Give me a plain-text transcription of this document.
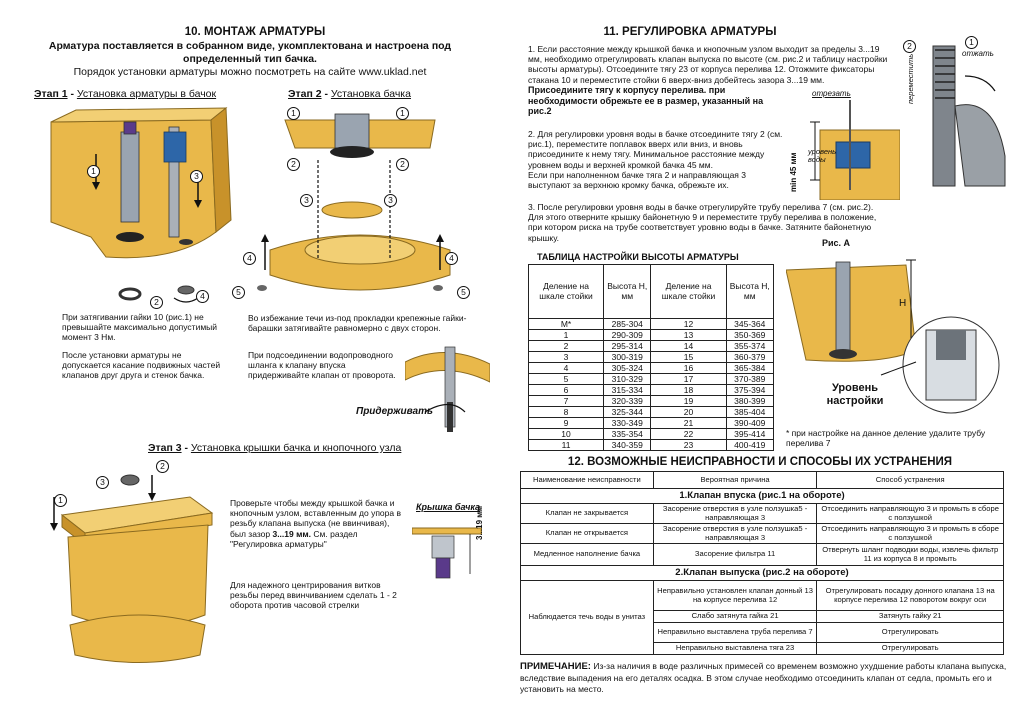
10. МОНТАЖ АРМАТУРЫ
Арматура поставляется в собранном виде, укомплектована и настроена под
определенный тип бачка.
Порядок установки арматуры можно посмотреть на сайте www.uklad.net
Этап 1 - Установка арматуры в бачок	Этап 2 - Установка бачка
1	3
2
4
При затягивании гайки 10 (рис.1) не превышайте максимально допустимый момент 3 Нм.
После установки арматуры не допускается касание подвижных частей клапанов друг друга и стенок бачка.
1	1
2	2
3	3
4	4
5	5
Во избежание течи из-под прокладки крепежные гайки-барашки затягивайте равномерно с двух сторон.
При подсоединении водопроводного шланга к клапану впуска придерживайте клапан от проворота.
Придерживать
Этап 3 - Установка крышки бачка и кнопочного узла
2
3
1	Проверьте чтобы между крышкой бачка и кнопочным узлом, вставленным до упора в резьбу клапана выпуска (не ввинчивая), был зазор 3...19 мм. См. раздел "Регулировка арматуры"
Для надежного центрирования витков резьбы перед ввинчиванием сделать 1 - 2 оборота против часовой стрелки
Крышка бачка
3...19 мм
11. РЕГУЛИРОВКА АРМАТУРЫ
1. Если расстояние между крышкой бачка и кнопочным узлом выходит за пределы 3...19 мм, необходимо отрегулировать клапан выпуска по высоте (см. рис.2 и таблицу настройки высоты арматуры). Отсоедините тягу 23 от корпуса перелива 12. Отожмите фиксаторы стакана 10 и переместите стойки 6 вверх-вниз добейтесь зазора 3...19 мм.
Присоедините тягу к корпусу перелива. при необходимости обрежьте ее в размер, указанный на рис.2
2. Для регулировки уровня воды в бачке отсоедините тягу 2 (см. рис.1), переместите поплавок вверх или вниз, и вновь присоедините к нему тягу. Минимальное расстояние между уровнем воды и верхней кромкой бачка 45 мм.
Если при наполненном бачке тяга 2 и направляющая 3 выступают за верхнюю кромку бачка, обрежьте их.
3. После регулировки уровня воды в бачке отрегулируйте трубу перелива 7 (см. рис.2). Для этого отверните крышку байонетную 9 и переместите трубу перелива в положение, при котором риска на трубе соответствует уровню воды в бачке. Затяните байонетную крышку.
отрезать
уровень воды
min 45 мм
2	1
отжать
переместить
ТАБЛИЦА НАСТРОЙКИ ВЫСОТЫ АРМАТУРЫ
Деление на шкале стойки	Высота Н, мм	Деление на шкале стойки	Высота Н, мм
М*	285-304	12	345-364
1	290-309	13	350-369
2	295-314	14	355-374
3	300-319	15	360-379
4	305-324	16	365-384
5	310-329	17	370-389
6	315-334	18	375-394
7	320-339	19	380-399
8	325-344	20	385-404
9	330-349	21	390-409
10	335-354	22	395-414
11	340-359	23	400-419
Рис. А
H
Уровень настройки
* при настройке на данное деление удалите трубу перелива 7
12. ВОЗМОЖНЫЕ НЕИСПРАВНОСТИ И СПОСОБЫ ИХ УСТРАНЕНИЯ
Наименование неисправности	Вероятная причина	Способ устранения
1.Клапан впуска (рис.1 на обороте)		
Клапан не закрывается	Засорение отверстия в узле ползушка5 - направляющая 3	Отсоединить направляющую 3 и промыть в сборе с ползушкой
Клапан не открывается	Засорение отверстия в узле ползушка5 - направляющая 3	Отсоединить направляющую 3 и промыть в сборе с ползушкой
Медленное наполнение бачка	Засорение фильтра 11	Отвернуть шланг подводки воды, извлечь фильтр 11 из корпуса 8 и промыть
2.Клапан выпуска (рис.2 на обороте)		
Наблюдается течь воды в унитаз	Неправильно установлен клапан донный 13 на корпусе перелива 12	Отрегулировать посадку донного клапана 13 на корпусе перелива 12 поворотом вокруг оси
	Слабо затянута гайка 21	Затянуть гайку 21
	Неправильно выставлена труба перелива 7	Отрегулировать
	Неправильно выставлена тяга 23	Отрегулировать
ПРИМЕЧАНИЕ: Из-за наличия в воде различных примесей со временем возможно ухудшение работы клапана выпуска, вследствие выпадения на его деталях осадка. В этом случае необходимо отсоединить клапан от седла, промыть его и установить на место.
